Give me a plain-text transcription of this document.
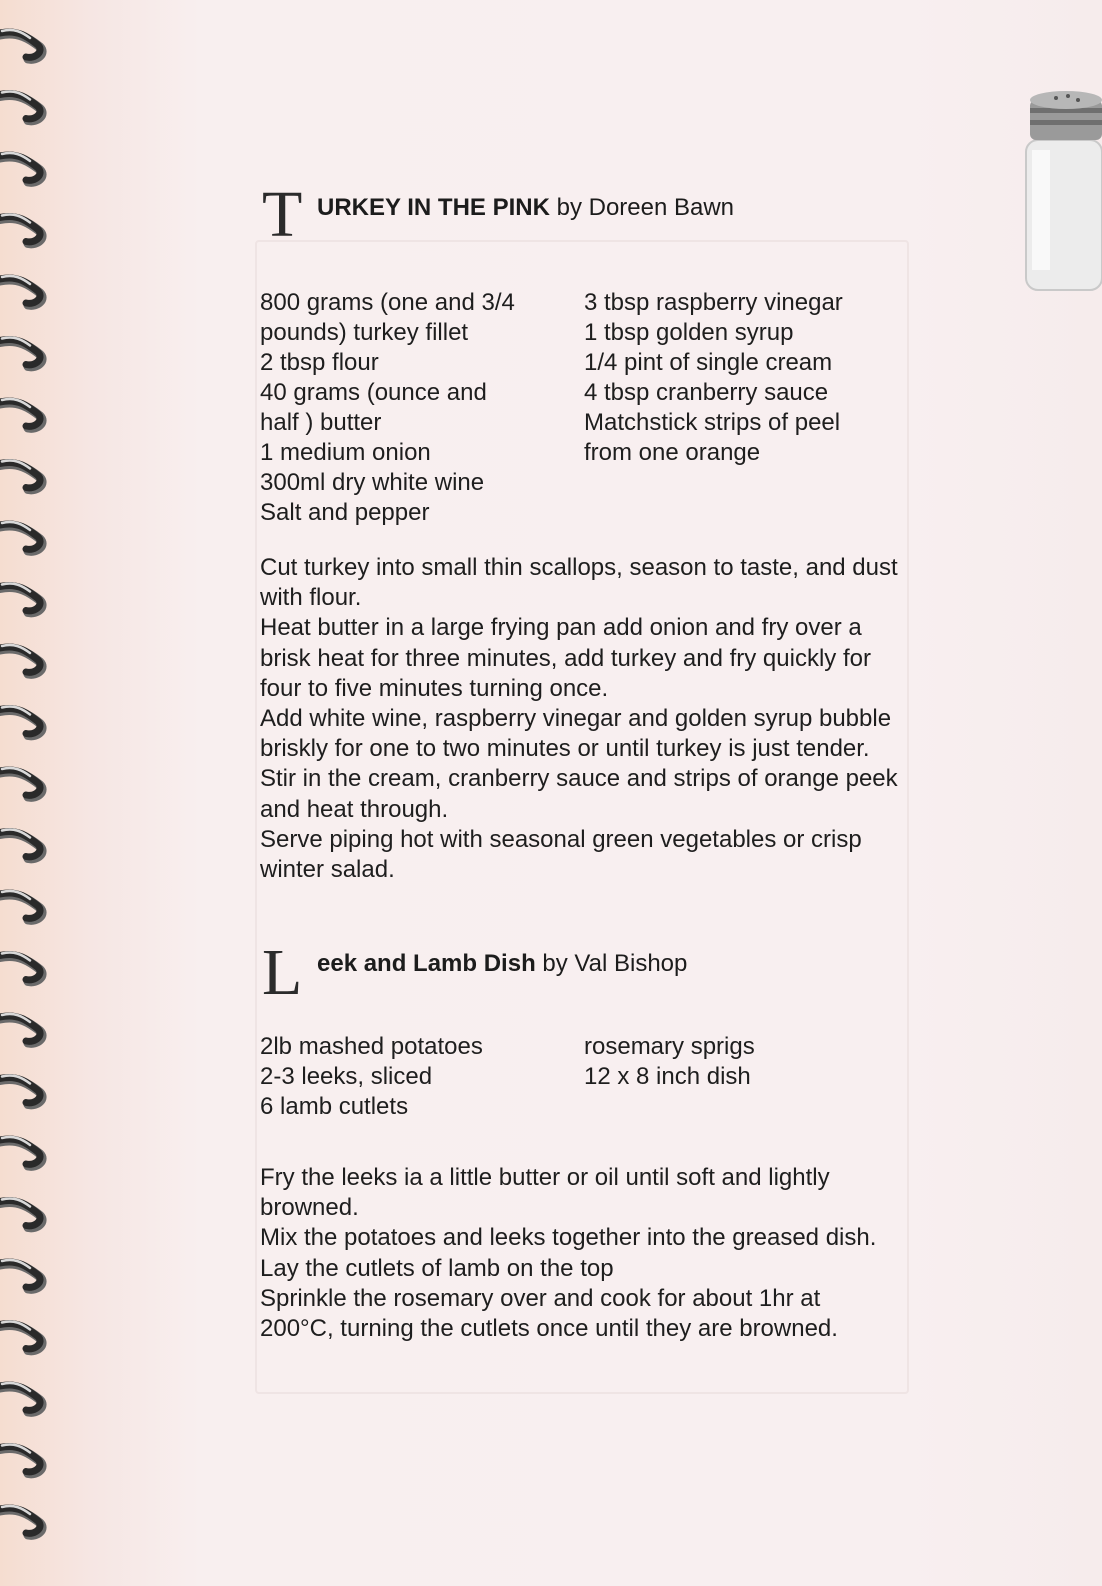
T URKEY IN THE PINK by Doreen Bawn
800 grams (one and 3/4
pounds) turkey fillet
2 tbsp flour
40 grams (ounce and
half ) butter
1 medium onion
300ml dry white wine
Salt and pepper
3 tbsp raspberry vinegar
1 tbsp golden syrup
1/4 pint of single cream
4 tbsp cranberry sauce
Matchstick strips of peel
from one orange

Cut turkey into small thin scallops, season to taste, and dust with flour.

Heat butter in a large frying pan add onion and fry over a brisk heat for three minutes, add turkey and fry quickly for four to five minutes turning once.

Add white wine, raspberry vinegar and golden syrup bubble briskly for one to two minutes or until turkey is just tender.

Stir in the cream, cranberry sauce and strips of orange peek and heat through.

Serve piping hot with seasonal green vegetables or crisp winter salad.

L eek and Lamb Dish by Val Bishop
2lb mashed potatoes
2-3 leeks, sliced
6 lamb cutlets
rosemary sprigs
12 x 8 inch dish

Fry the leeks ia a little butter or oil until soft and lightly browned.

Mix the potatoes and leeks together into the greased dish.

Lay the cutlets of lamb on the top

Sprinkle the rosemary over and cook for about 1hr at 200°C, turning the cutlets once until they are browned.
